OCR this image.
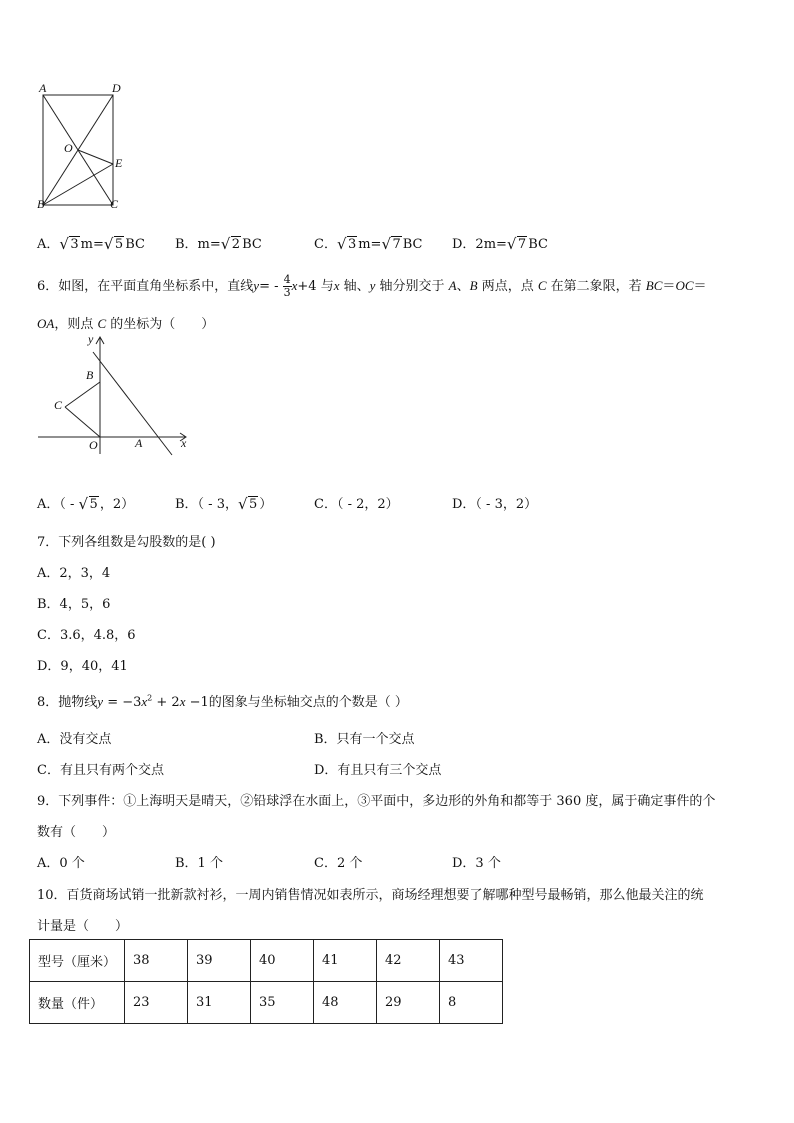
A	D
O
E
B	C
A． √ 3 m= √ 5 BC B．m= √ 2 BC	C． √ 3 m= √ 7 BC D．2m= √ 7 BC
6．如图，在平面直角坐标系中，直线$y= - \frac{4}{3} x+4$ 与x 轴、y 轴分别交于 A、B 两点，点 C 在第二象限，若 BC＝OC＝
OA，则点 C 的坐标为（　　）
y
B
C
O	A	x
A．（ - √ 5 ，2）	B．（ - 3， √ 5 ）	C．（ - 2，2）	D．（ - 3，2）
7．下列各组数是勾股数的是( )
A．2，3，4
B．4，5，6
C．3.6，4.8，6
D．9，40，41
8．抛物线$y = -3x^2 + 2x -1$的图象与坐标轴交点的个数是（ ）
A．没有交点	B．只有一个交点
C．有且只有两个交点	D．有且只有三个交点
9．下列事件：①上海明天是晴天，②铅球浮在水面上，③平面中，多边形的外角和都等于 360 度，属于确定事件的个
数有（　　）
A．0 个	B．1 个	C．2 个	D．3 个
10．百货商场试销一批新款衬衫，一周内销售情况如表所示，商场经理想要了解哪种型号最畅销，那么他最关注的统
计量是（　　）
型号（厘米）	38	39	40	41	42	43
数量（件）	23	31	35	48	29	8
